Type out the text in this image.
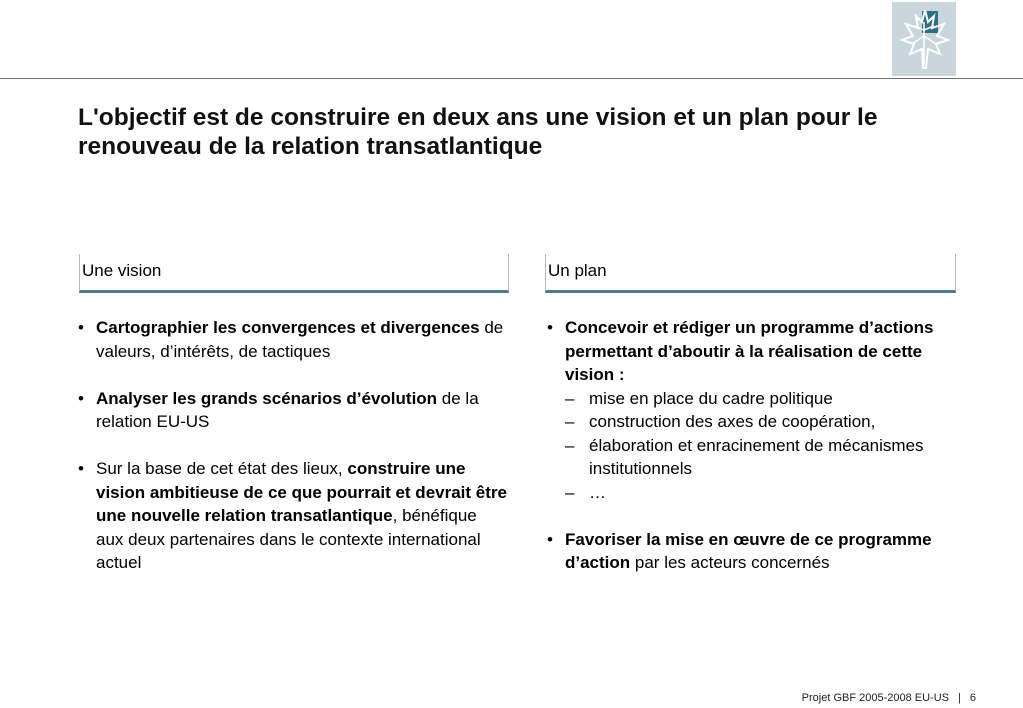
L'objectif est de construire en deux ans une vision et un plan pour le renouveau de la relation transatlantique
Une vision	Un plan
• Cartographier les convergences et divergences de valeurs, d’intérêts, de tactiques
• Analyser les grands scénarios d’évolution de la relation EU-US
• Sur la base de cet état des lieux, construire une vision ambitieuse de ce que pourrait et devrait être une nouvelle relation transatlantique, bénéfique aux deux partenaires dans le contexte international actuel
• Concevoir et rédiger un programme d’actions permettant d’aboutir à la réalisation de cette vision :
– mise en place du cadre politique
– construction des axes de coopération,
– élaboration et enracinement de mécanismes institutionnels
– …
• Favoriser la mise en œuvre de ce programme d’action par les acteurs concernés
Projet GBF 2005-2008 EU-US | 6
